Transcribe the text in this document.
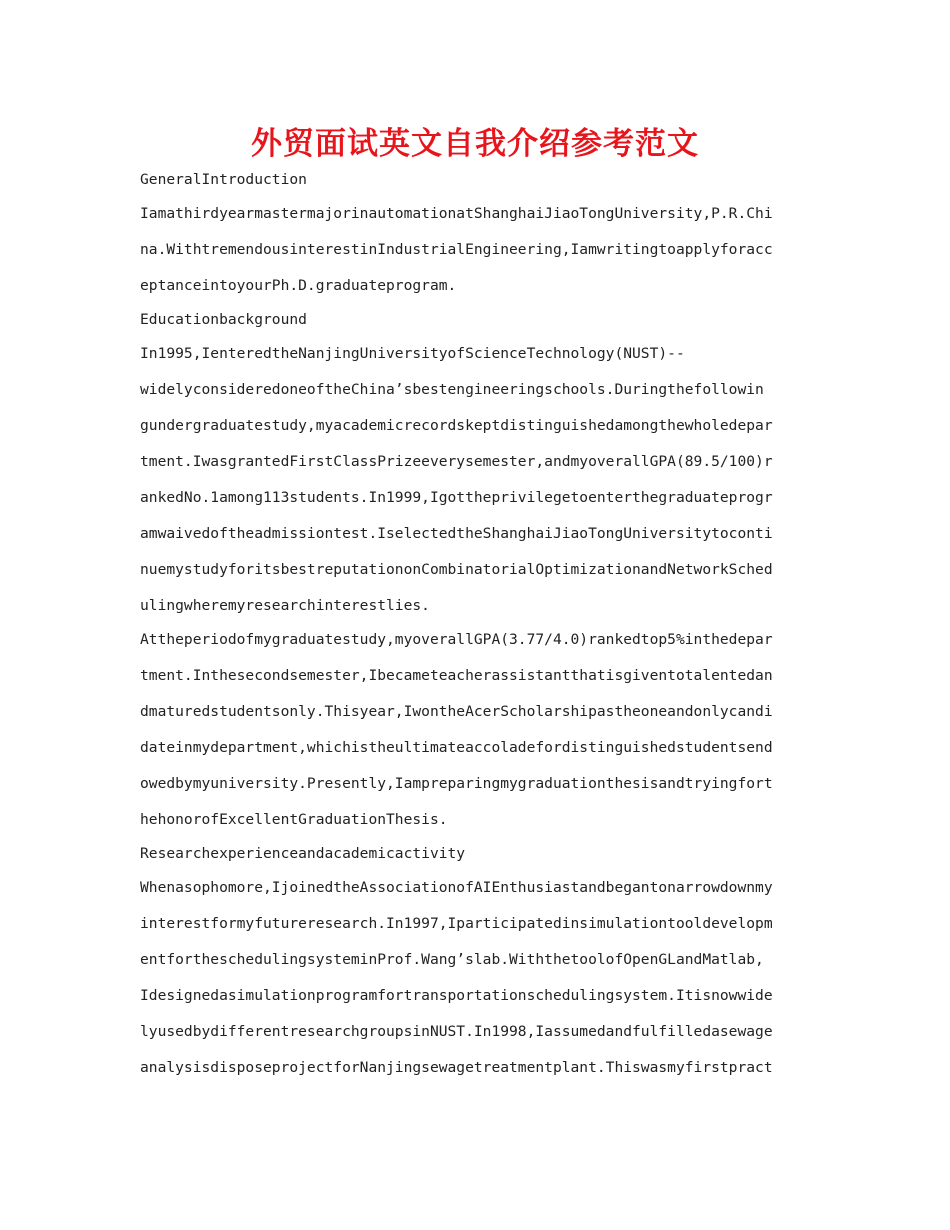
外贸面试英文自我介绍参考范文
GeneralIntroduction
IamathirdyearmastermajorinautomationatShanghaiJiaoTongUniversity,P.R.Chi
na.WithtremendousinterestinIndustrialEngineering,Iamwritingtoapplyforacc
eptanceintoyourPh.D.graduateprogram.
Educationbackground
In1995,IenteredtheNanjingUniversityofScienceTechnology(NUST)--
widelyconsideredoneoftheChina’sbestengineeringschools.Duringthefollowin
gundergraduatestudy,myacademicrecordskeptdistinguishedamongthewholedepar
tment.IwasgrantedFirstClassPrizeeverysemester,andmyoverallGPA(89.5/100)r
ankedNo.1among113students.In1999,Igottheprivilegetoenterthegraduateprogr
amwaivedoftheadmissiontest.IselectedtheShanghaiJiaoTongUniversitytoconti
nuemystudyforitsbestreputationonCombinatorialOptimizationandNetworkSched
ulingwheremyresearchinterestlies.
Attheperiodofmygraduatestudy,myoverallGPA(3.77/4.0)rankedtop5%inthedepar
tment.Inthesecondsemester,Ibecameteacherassistantthatisgiventotalentedan
dmaturedstudentsonly.Thisyear,IwontheAcerScholarshipastheoneandonlycandi
dateinmydepartment,whichistheultimateaccoladefordistinguishedstudentsend
owedbymyuniversity.Presently,Iampreparingmygraduationthesisandtryingfort
hehonorofExcellentGraduationThesis.
Researchexperienceandacademicactivity
Whenasophomore,IjoinedtheAssociationofAIEnthusiastandbegantonarrowdownmy
interestformyfutureresearch.In1997,Iparticipatedinsimulationtooldevelopm
entfortheschedulingsysteminProf.Wang’slab.WiththetoolofOpenGLandMatlab,
Idesignedasimulationprogramfortransportationschedulingsystem.Itisnowwide
lyusedbydifferentresearchgroupsinNUST.In1998,Iassumedandfulfilledasewage
analysisdisposeprojectforNanjingsewagetreatmentplant.Thiswasmyfirstpract
